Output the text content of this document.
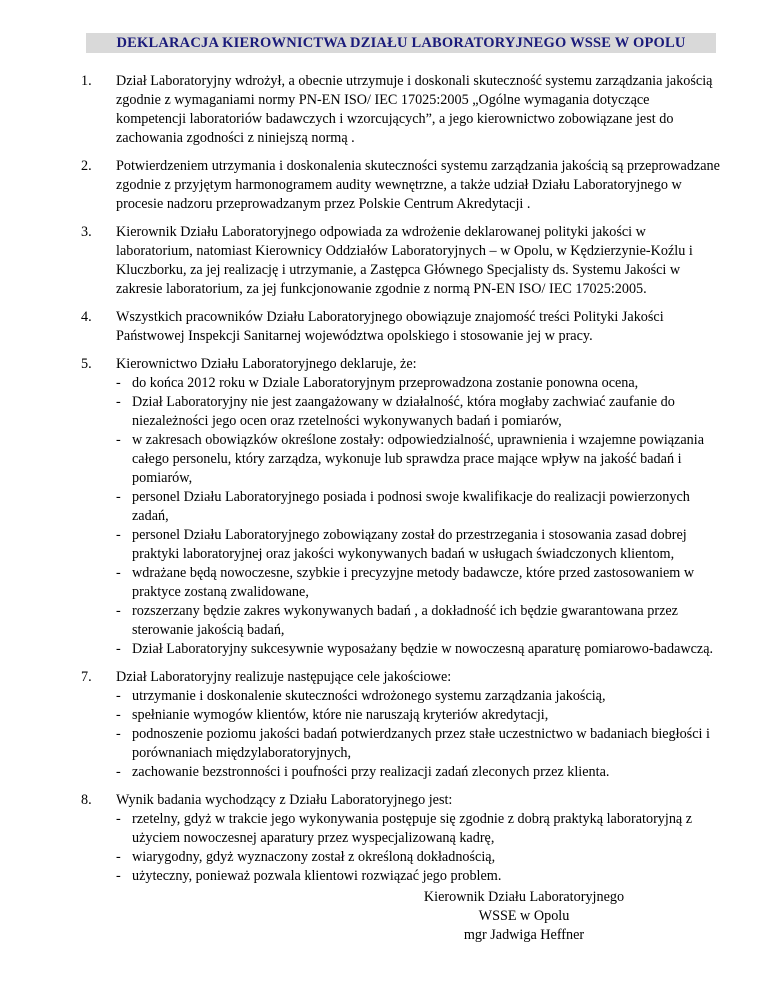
DEKLARACJA KIEROWNICTWA DZIAŁU LABORATORYJNEGO WSSE W OPOLU
1. Dział Laboratoryjny wdrożył, a obecnie utrzymuje i doskonali skuteczność systemu zarządzania jakością zgodnie z wymaganiami normy PN-EN ISO/ IEC 17025:2005 „Ogólne wymagania dotyczące kompetencji laboratoriów badawczych i wzorcujących”, a jego kierownictwo zobowiązane jest do zachowania zgodności z niniejszą normą .
2. Potwierdzeniem utrzymania i doskonalenia skuteczności systemu zarządzania jakością są przeprowadzane zgodnie z przyjętym harmonogramem audity wewnętrzne, a także udział Działu Laboratoryjnego w procesie nadzoru przeprowadzanym przez Polskie Centrum Akredytacji .
3. Kierownik Działu Laboratoryjnego odpowiada za wdrożenie deklarowanej polityki jakości w laboratorium, natomiast Kierownicy Oddziałów Laboratoryjnych – w Opolu, w Kędzierzynie-Koźlu i Kluczborku, za jej realizację i utrzymanie, a Zastępca Głównego Specjalisty ds. Systemu Jakości w zakresie laboratorium, za jej funkcjonowanie zgodnie z normą PN-EN ISO/ IEC 17025:2005.
4. Wszystkich pracowników Działu Laboratoryjnego obowiązuje znajomość treści Polityki Jakości Państwowej Inspekcji Sanitarnej województwa opolskiego i stosowanie jej w pracy.
5. Kierownictwo Działu Laboratoryjnego deklaruje, że:
- do końca 2012 roku w Dziale Laboratoryjnym przeprowadzona zostanie ponowna ocena,
- Dział Laboratoryjny nie jest zaangażowany w działalność, która mogłaby zachwiać zaufanie do niezależności jego ocen oraz rzetelności wykonywanych badań i pomiarów,
- w zakresach obowiązków określone zostały: odpowiedzialność, uprawnienia i wzajemne powiązania całego personelu, który zarządza, wykonuje lub sprawdza prace mające wpływ na jakość badań i pomiarów,
- personel Działu Laboratoryjnego posiada i podnosi swoje kwalifikacje do realizacji powierzonych zadań,
- personel Działu Laboratoryjnego zobowiązany został do przestrzegania i stosowania zasad dobrej praktyki laboratoryjnej oraz jakości wykonywanych badań w usługach świadczonych klientom,
- wdrażane będą nowoczesne, szybkie i precyzyjne metody badawcze, które przed zastosowaniem w praktyce zostaną zwalidowane,
- rozszerzany będzie zakres wykonywanych badań , a dokładność ich będzie gwarantowana przez sterowanie jakością badań,
- Dział Laboratoryjny sukcesywnie wyposażany będzie w nowoczesną aparaturę pomiarowo-badawczą.
7. Dział Laboratoryjny realizuje następujące cele jakościowe:
- utrzymanie i doskonalenie skuteczności wdrożonego systemu zarządzania jakością,
- spełnianie wymogów klientów, które nie naruszają kryteriów akredytacji,
- podnoszenie poziomu jakości badań potwierdzanych przez stałe uczestnictwo w badaniach biegłości i porównaniach międzylaboratoryjnych,
- zachowanie bezstronności i poufności przy realizacji zadań zleconych przez klienta.
8. Wynik badania wychodzący z Działu Laboratoryjnego jest:
- rzetelny, gdyż w trakcie jego wykonywania postępuje się zgodnie z dobrą praktyką laboratoryjną z użyciem nowoczesnej aparatury przez wyspecjalizowaną kadrę,
- wiarygodny, gdyż wyznaczony został z określoną dokładnością,
- użyteczny, ponieważ pozwala klientowi rozwiązać jego problem.
Kierownik Działu Laboratoryjnego
WSSE w Opolu
mgr Jadwiga Heffner
